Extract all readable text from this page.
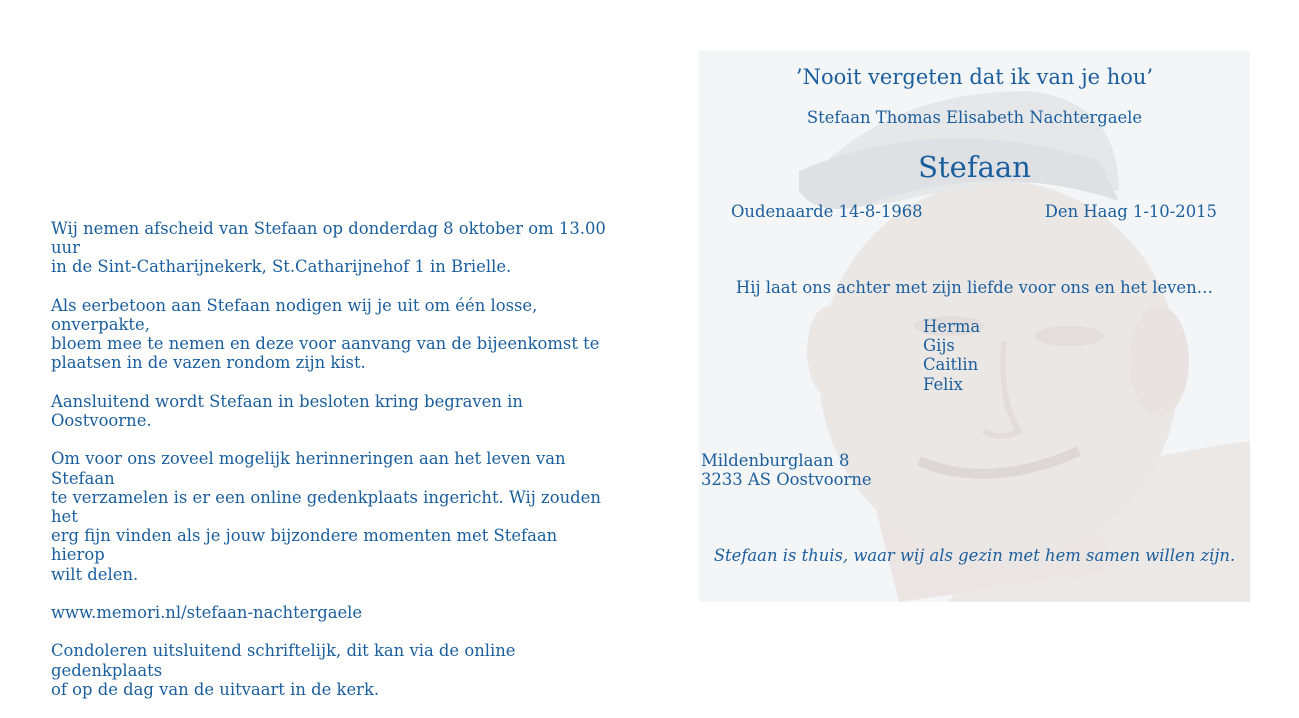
Wij nemen afscheid van Stefaan op donderdag 8 oktober om 13.00 uur
in de Sint-Catharijnekerk, St.Catharijnehof 1 in Brielle.

Als eerbetoon aan Stefaan nodigen wij je uit om één losse, onverpakte,
bloem mee te nemen en deze voor aanvang van de bijeenkomst te
plaatsen in de vazen rondom zijn kist.

Aansluitend wordt Stefaan in besloten kring begraven in Oostvoorne.

Om voor ons zoveel mogelijk herinneringen aan het leven van Stefaan
te verzamelen is er een online gedenkplaats ingericht. Wij zouden het
erg fijn vinden als je jouw bijzondere momenten met Stefaan hierop
wilt delen.

www.memori.nl/stefaan-nachtergaele

Condoleren uitsluitend schriftelijk, dit kan via de online gedenkplaats
of op de dag van de uitvaart in de kerk.

’Nooit vergeten dat ik van je hou’
Stefaan Thomas Elisabeth Nachtergaele
Stefaan
Oudenaarde 14-8-1968	Den Haag 1-10-2015
Hij laat ons achter met zijn liefde voor ons en het leven…
Herma
Gijs
Caitlin
Felix
Mildenburglaan 8
3233 AS Oostvoorne
Stefaan is thuis, waar wij als gezin met hem samen willen zijn.
